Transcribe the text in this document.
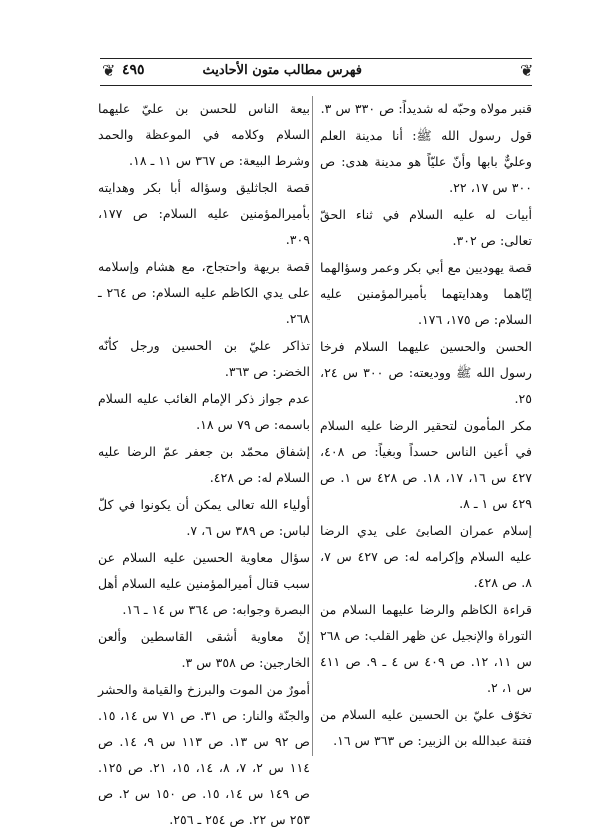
❦ ٤٩٥	فهرس مطالب متون الأحاديث	❦

قنبر مولاه وحبّه له شديداً: ص ٣٣٠ س ٣.

قول رسول الله ﷺ: أنا مدينة العلم وعليٌّ بابها وأنّ عليّاً هو مدينة هدى: ص ٣٠٠ س ١٧، ٢٢.

أبيات له عليه السلام في ثناء الحقّ تعالى: ص ٣٠٢.

قصة يهوديين مع أبي بكر وعمر وسؤالهما إيّاهما وهدايتهما بأميرالمؤمنين عليه السلام: ص ١٧٥، ١٧٦.

الحسن والحسين عليهما السلام فرخا رسول الله ﷺ ووديعته: ص ٣٠٠ س ٢٤، ٢٥.

مكر المأمون لتحقير الرضا عليه السلام في أعين الناس حسداً وبغياً: ص ٤٠٨، ٤٢٧ س ١٦، ١٧، ١٨. ص ٤٢٨ س ١. ص ٤٢٩ س ١ ـ ٨.

إسلام عمران الصابئ على يدي الرضا عليه السلام وإكرامه له: ص ٤٢٧ س ٧، ٨. ص ٤٢٨.

قراءة الكاظم والرضا عليهما السلام من التوراة والإنجيل عن ظهر القلب: ص ٢٦٨ س ١١، ١٢. ص ٤٠٩ س ٤ ـ ٩. ص ٤١١ س ١، ٢.

تخوّف عليّ بن الحسين عليه السلام من فتنة عبدالله بن الزبير: ص ٣٦٣ س ١٦.

بيعة الناس للحسن بن عليّ عليهما السلام وكلامه في الموعظة والحمد وشرط البيعة: ص ٣٦٧ س ١١ ـ ١٨.

قصة الجاثليق وسؤاله أبا بكر وهدايته بأميرالمؤمنين عليه السلام: ص ١٧٧، ٣٠٩.

قصة بريهة واحتجاج، مع هشام وإسلامه على يدي الكاظم عليه السلام: ص ٢٦٤ ـ ٢٦٨.

تذاكر عليّ بن الحسين ورجل كأنّه الخضر: ص ٣٦٣.

عدم جواز ذكر الإمام الغائب عليه السلام باسمه: ص ٧٩ س ١٨.

إشفاق محمّد بن جعفر عمّ الرضا عليه السلام له: ص ٤٢٨.

أولياء الله تعالى يمكن أن يكونوا في كلّ لباس: ص ٣٨٩ س ٦، ٧.

سؤال معاوية الحسين عليه السلام عن سبب قتال أميرالمؤمنين عليه السلام أهل البصرة وجوابه: ص ٣٦٤ س ١٤ ـ ١٦.

إنّ معاوية أشقى القاسطين وألعن الخارجين: ص ٣٥٨ س ٣.

أمورٌ من الموت والبرزخ والقيامة والحشر والجنّة والنار: ص ٣١. ص ٧١ س ١٤، ١٥. ص ٩٢ س ١٣. ص ١١٣ س ٩، ١٤. ص ١١٤ س ٢، ٧، ٨، ١٤، ١٥، ٢١. ص ١٢٥. ص ١٤٩ س ١٤، ١٥. ص ١٥٠ س ٢. ص ٢٥٣ س ٢٢. ص ٢٥٤ ـ ٢٥٦.
